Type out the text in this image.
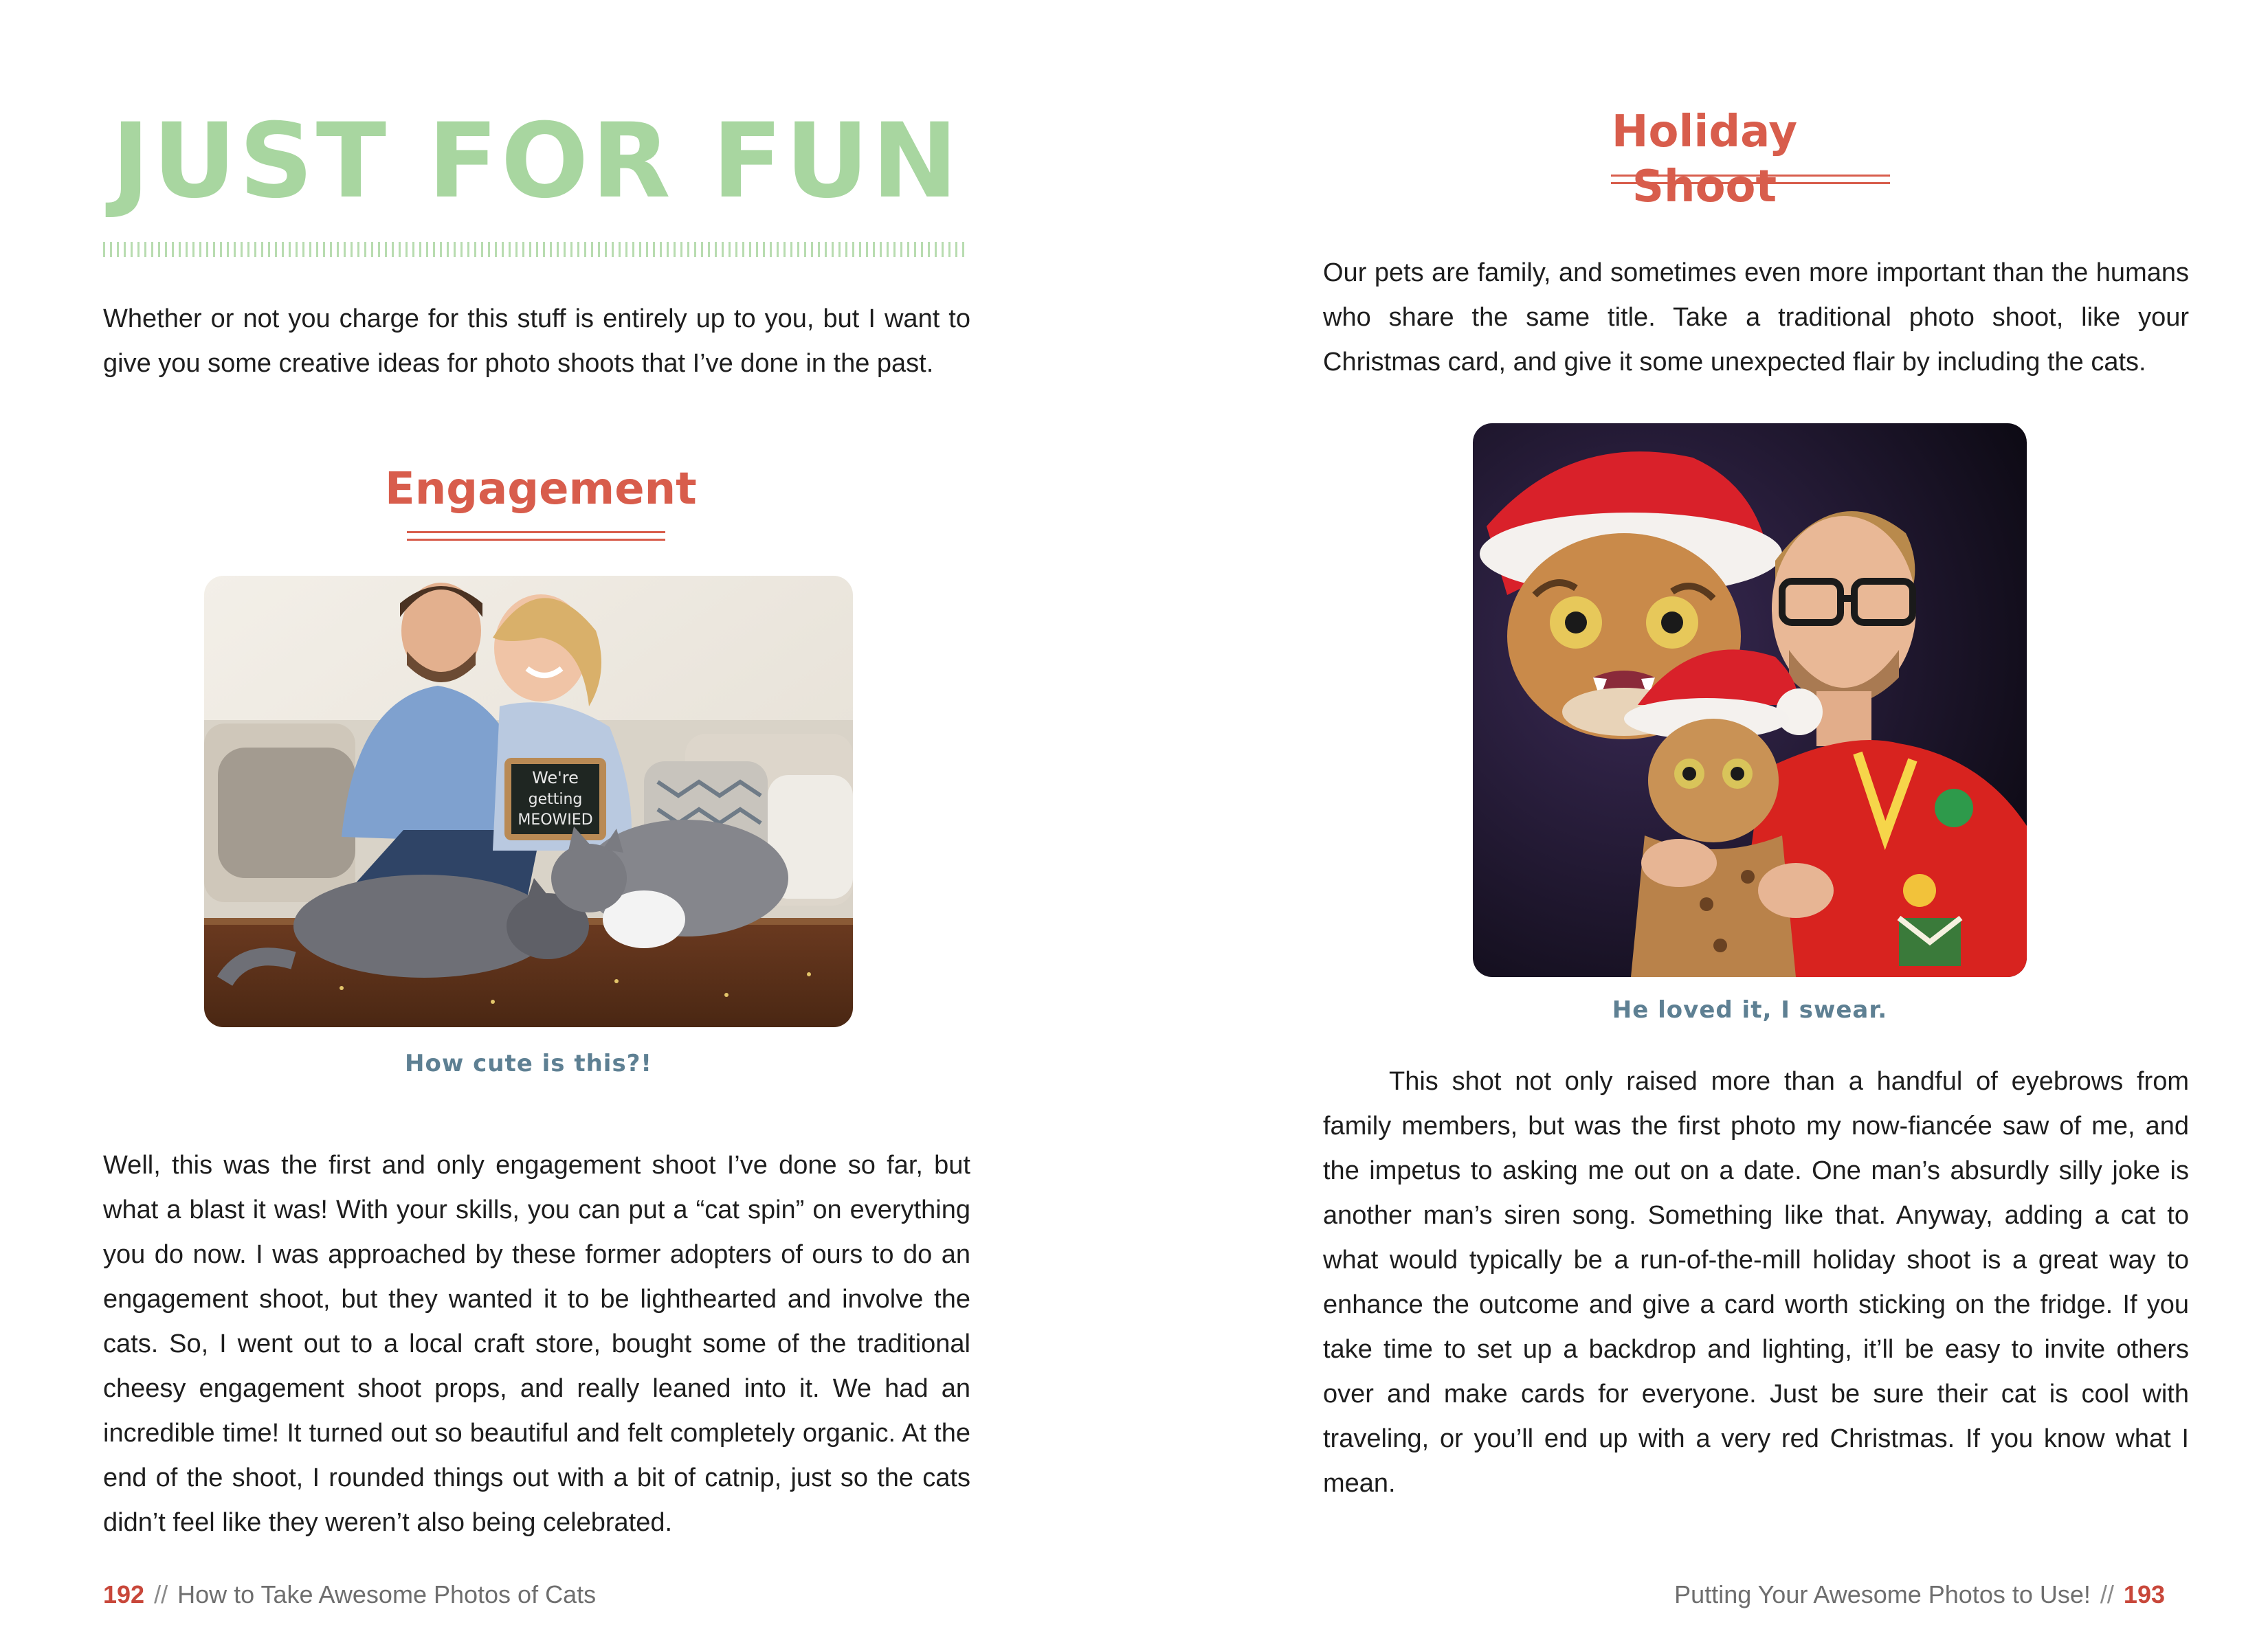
JUST FOR FUN

Whether or not you charge for this stuff is entirely up to you, but I want to give you some creative ideas for photo shoots that I’ve done in the past.

Engagement
We're
getting
MEOWIED
How cute is this?!

Well, this was the first and only engagement shoot I’ve done so far, but what a blast it was! With your skills, you can put a “cat spin” on everything you do now. I was approached by these former adopters of ours to do an engagement shoot, but they wanted it to be lighthearted and involve the cats. So, I went out to a local craft store, bought some of the traditional cheesy engagement shoot props, and really leaned into it. We had an incredible time! It turned out so beautiful and felt completely organic. At the end of the shoot, I rounded things out with a bit of catnip, just so the cats didn’t feel like they weren’t also being celebrated.

192 // How to Take Awesome Photos of Cats
Holiday Shoot

Our pets are family, and sometimes even more important than the humans who share the same title. Take a traditional photo shoot, like your Christmas card, and give it some unexpected flair by including the cats.

He loved it, I swear.

This shot not only raised more than a handful of eyebrows from family members, but was the first photo my now-fiancée saw of me, and the impetus to asking me out on a date. One man’s absurdly silly joke is another man’s siren song. Something like that. Anyway, adding a cat to what would typically be a run-of-the-mill holiday shoot is a great way to enhance the outcome and give a card worth sticking on the fridge. If you take time to set up a backdrop and lighting, it’ll be easy to invite others over and make cards for everyone. Just be sure their cat is cool with traveling, or you’ll end up with a very red Christmas. If you know what I mean.

Putting Your Awesome Photos to Use! // 193
